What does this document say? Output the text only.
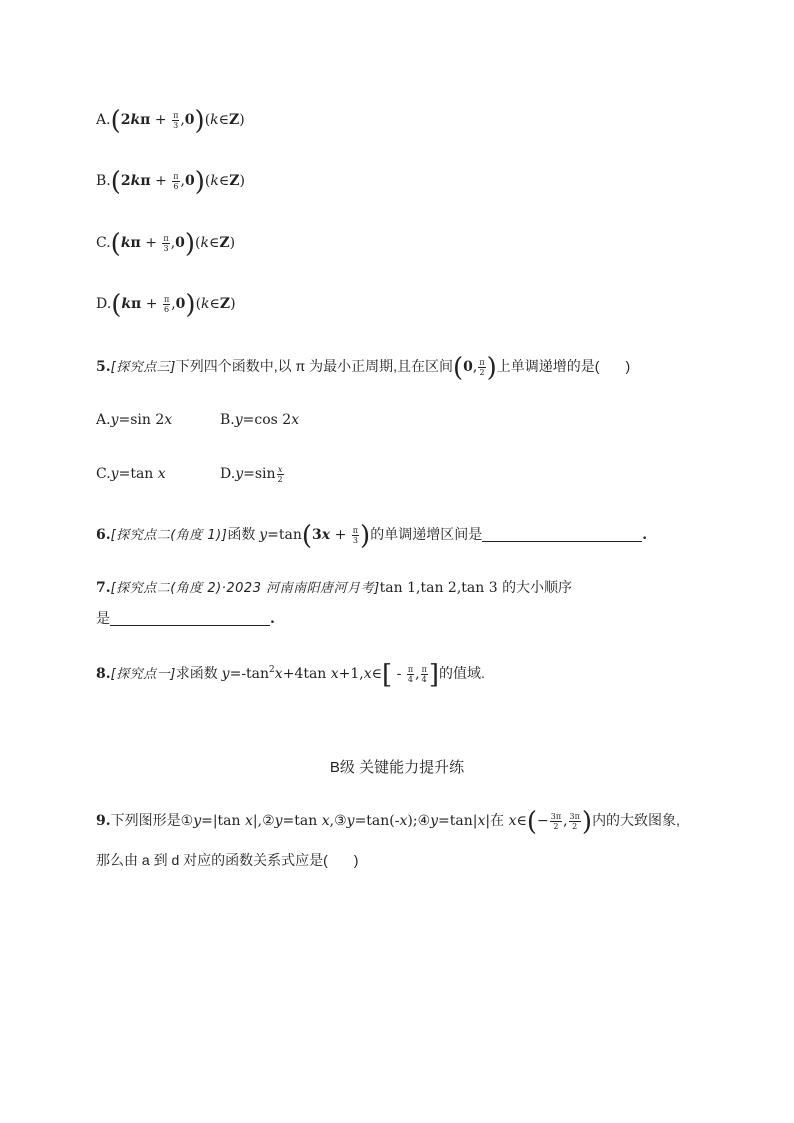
$A.(2k\pi + \frac{\pi}{3}$ ,0)(k∈Z)
$B.(2k\pi + \frac{\pi}{6}$ ,0)(k∈Z)
$C.(k\pi + \frac{\pi}{3}$ ,0)(k∈Z)
$D.(k\pi + \frac{\pi}{6}$ ,0)(k∈Z)
5.[探究点三]下列四个函数中,以 π 为最小正周期,且在区间(0, $\frac{\pi}{2}$ )上单调递增的是( )
A.y=sin 2x	B.y=cos 2x
C.y=tan x	$D.y=\sin \frac{x}{2}$
6.[探究点二(角度 1)]函数 $y=\tan(3x + \frac{\pi}{3}$ )的单调递增区间是	.
7.[探究点二(角度 2)·2023 河南南阳唐河月考]tan 1,tan 2,tan 3 的大小顺序
是	.
8.[探究点一]求函数 $y=-\tan^2x+4\tan$ x+1,x∈[ - $\frac{\pi}{4}$ , $\frac{\pi}{4}$ ]的值域.
B级 关键能力提升练
9.下列图形是①y=|tan x|,②y=tan x,③y=tan(-x);④y=tan|x|在 x∈(− $\frac{3\pi}{2}$ , $\frac{3\pi}{2}$ )内的大致图象,
那么由 a 到 d 对应的函数关系式应是( )
